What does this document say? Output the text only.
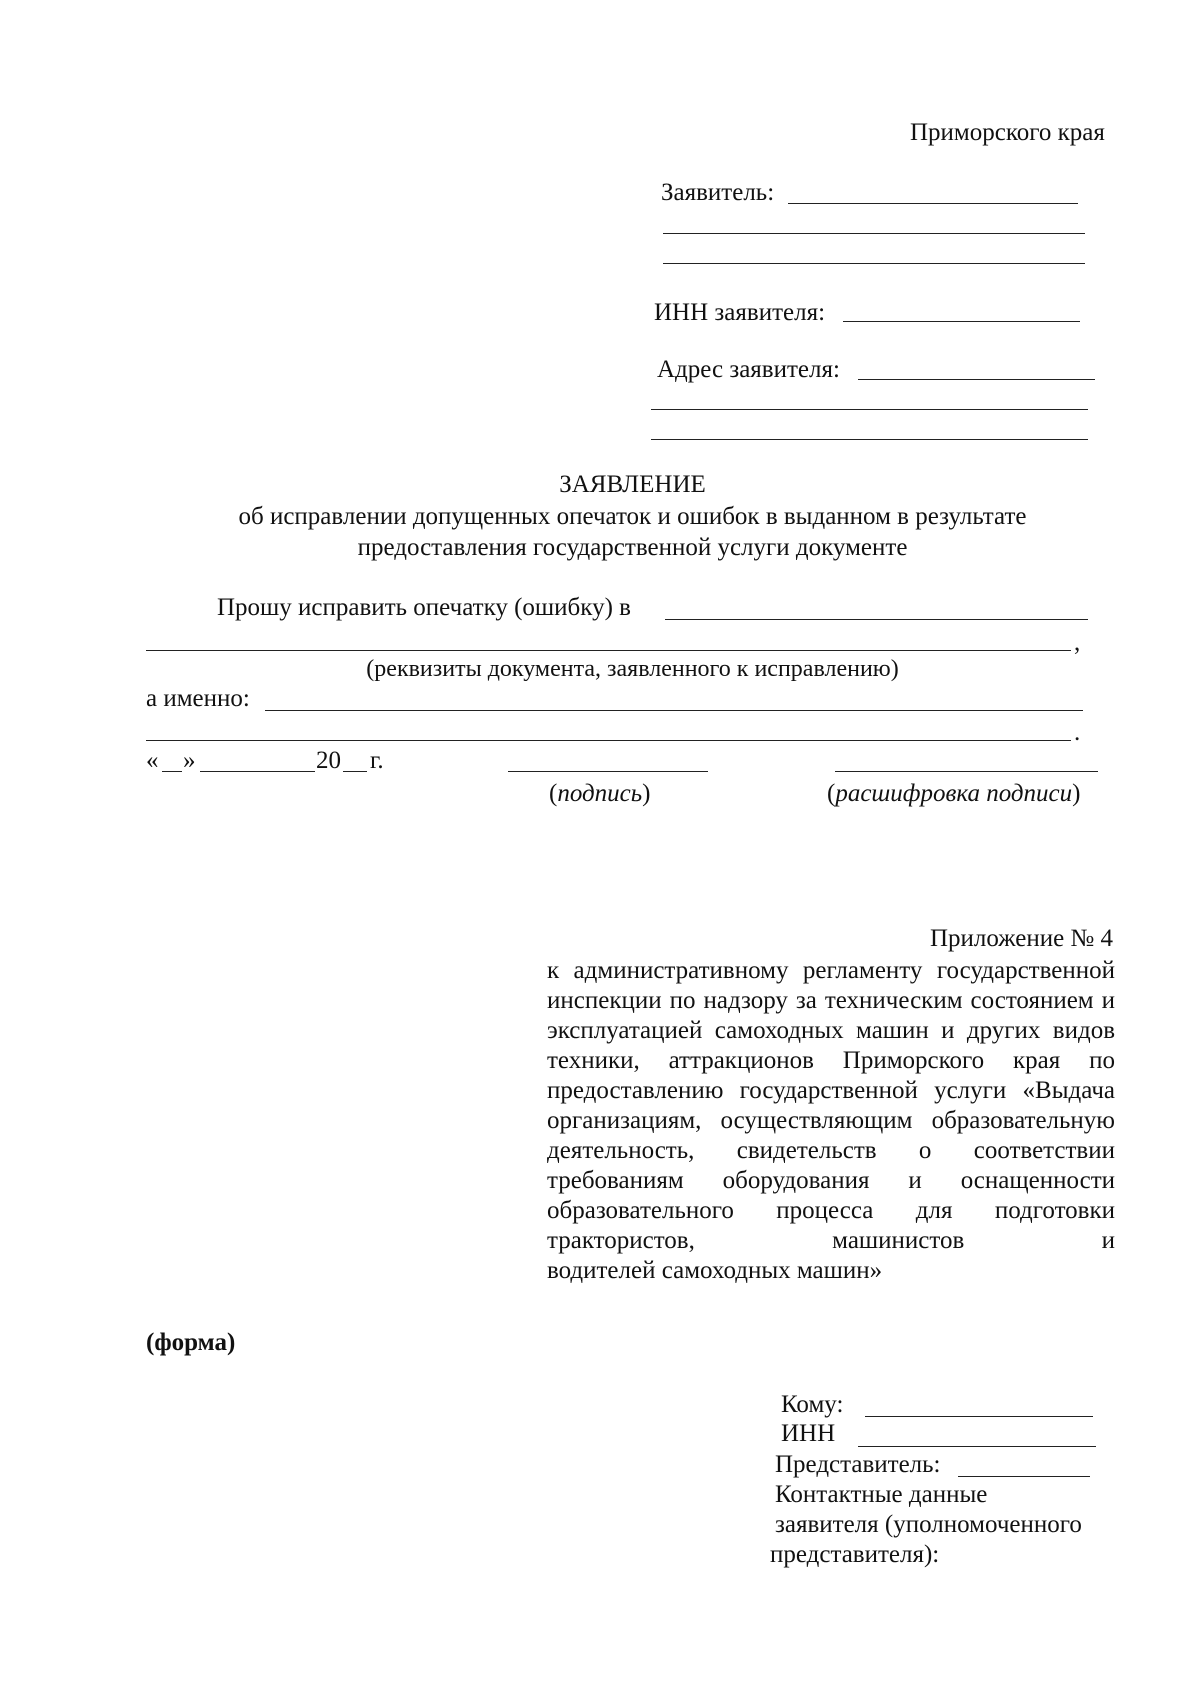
Приморского края
Заявитель:
ИНН заявителя:
Адрес заявителя:
ЗАЯВЛЕНИЕ
об исправлении допущенных опечаток и ошибок в выданном в результате
предоставления государственной услуги документе
Прошу исправить опечатку (ошибку) в
,
(реквизиты документа, заявленного к исправлению)
а именно:
.
« »	20 г.
(подпись)	(расшифровка подписи)
Приложение № 4
к административному регламенту государственной инспекции по надзору за техническим состоянием и эксплуатацией самоходных машин и других видов техники, аттракционов Приморского края по предоставлению государственной услуги «Выдача организациям, осуществляющим образовательную деятельность, свидетельств о соответствии требованиям оборудования и оснащенности образовательного процесса для подготовки трактористов, машинистов и
водителей самоходных машин»
(форма)
Кому:
ИНН
Представитель:
Контактные данные
заявителя (уполномоченного
представителя):
